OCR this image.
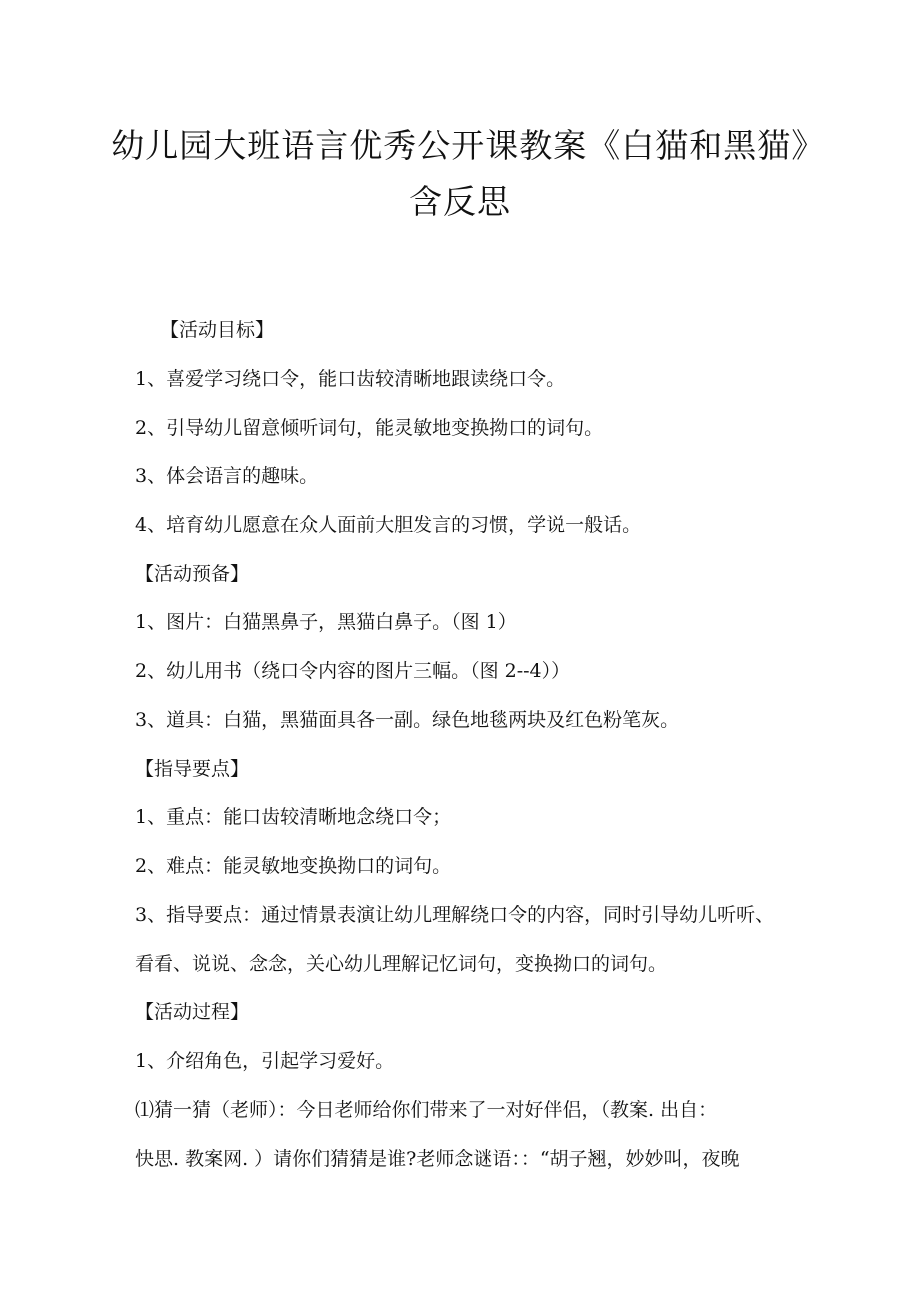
幼儿园大班语言优秀公开课教案《白猫和黑猫》含反思

【活动目标】

1、喜爱学习绕口令，能口齿较清晰地跟读绕口令。

2、引导幼儿留意倾听词句，能灵敏地变换拗口的词句。

3、体会语言的趣味。

4、培育幼儿愿意在众人面前大胆发言的习惯，学说一般话。

【活动预备】

1、图片：白猫黑鼻子，黑猫白鼻子。（图 1）

2、幼儿用书（绕口令内容的图片三幅。（图 2--4））

3、道具：白猫，黑猫面具各一副。绿色地毯两块及红色粉笔灰。

【指导要点】

1、重点：能口齿较清晰地念绕口令；

2、难点：能灵敏地变换拗口的词句。

3、指导要点：通过情景表演让幼儿理解绕口令的内容，同时引导幼儿听听、

看看、说说、念念，关心幼儿理解记忆词句，变换拗口的词句。

【活动过程】

1、介绍角色，引起学习爱好。

⑴猜一猜（老师）：今日老师给你们带来了一对好伴侣，（教案. 出自：

快思. 教案网. ）请你们猜猜是谁?老师念谜语：：“胡子翘，妙妙叫，夜晚
